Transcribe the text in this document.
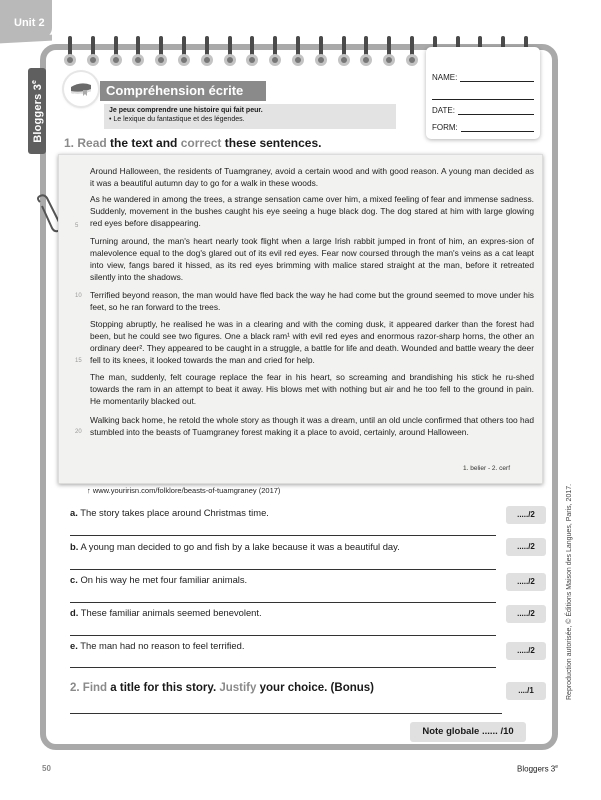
Unit 2
Bloggers 3e	NAME:
DATE:
FORM:
Compréhension écrite
Je peux comprendre une histoire qui fait peur.
• Le lexique du fantastique et des légendes.
1. Read the text and correct these sentences.
Around Halloween, the residents of Tuamgraney, avoid a certain wood and with good reason. A young man decided as it was a beautiful autumn day to go for a walk in these woods.
As he wandered in among the trees, a strange sensation came over him, a mixed feeling of fear and immense sadness. Suddenly, movement in the bushes caught his eye seeing a huge black dog. The dog stared at him with large glowing red eyes before disappearing.
Turning around, the man's heart nearly took flight when a large Irish rabbit jumped in front of him, an expres-sion of malevolence equal to the dog's glared out of its evil red eyes. Fear now coursed through the man's veins as a cat leapt into view, fangs bared it hissed, as its red eyes brimming with malice stared straight at the man, before it retreated silently into the shadows.
Terrified beyond reason, the man would have fled back the way he had come but the ground seemed to move under his feet, so he ran forward to the trees.
Stopping abruptly, he realised he was in a clearing and with the coming dusk, it appeared darker than the forest had been, but he could see two figures. One a black ram¹ with evil red eyes and enormous razor-sharp horns, the other an ordinary deer². They appeared to be caught in a struggle, a battle for life and death. Wounded and battle weary the deer fell to its knees, it looked towards the man and cried for help.
The man, suddenly, felt courage replace the fear in his heart, so screaming and brandishing his stick he ru-shed towards the ram in an attempt to beat it away. His blows met with nothing but air and he too fell to the ground in pain. He momentarily blacked out.
Walking back home, he retold the whole story as though it was a dream, until an old uncle confirmed that others too had stumbled into the beasts of Tuamgraney forest making it a place to avoid, certainly, around Halloween.
5
10
15
20
1. belier - 2. cerf
↑ www.youririsn.com/folklore/beasts-of-tuamgraney (2017)
a. The story takes place around Christmas time.	...../2
b. A young man decided to go and fish by a lake because it was a beautiful day.	...../2
c. On his way he met four familiar animals.	...../2
d. These familiar animals seemed benevolent.	...../2
e. The man had no reason to feel terrified.	...../2
2. Find a title for this story. Justify your choice. (Bonus)	..../1
Note globale ...... /10
Reproduction autorisée, © Éditions Maison des Langues, Paris, 2017.
50	Bloggers 3e
